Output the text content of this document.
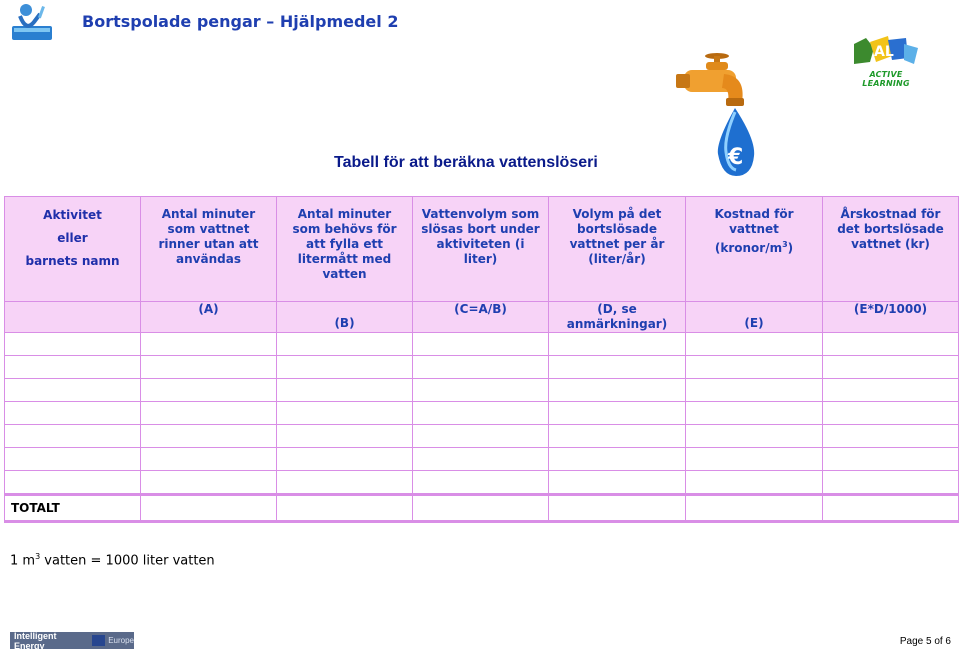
Bortspolade pengar – Hjälpmedel 2
AL
ACTIVE LEARNING
€
Tabell för att beräkna vattenslöseri
Aktivitet
eller
barnets namn	Antal minuter
som vattnet
rinner utan att
användas	Antal minuter
som behövs för
att fylla ett
litermått med
vatten	Vattenvolym som
slösas bort under
aktiviteten (i
liter)	Volym på det
bortslösade
vattnet per år
(liter/år)	Kostnad för
vattnet
$(kronor/m^3)$	Årskostnad för
det bortslösade
vattnet (kr)
	(A)	(B)	(C=A/B)	(D, se
anmärkningar)	(E)	(E*D/1000)

TOTALT						
1 $m^3$ vatten = 1000 liter vatten
Intelligent Energy	Europe	Page 5 of 6
